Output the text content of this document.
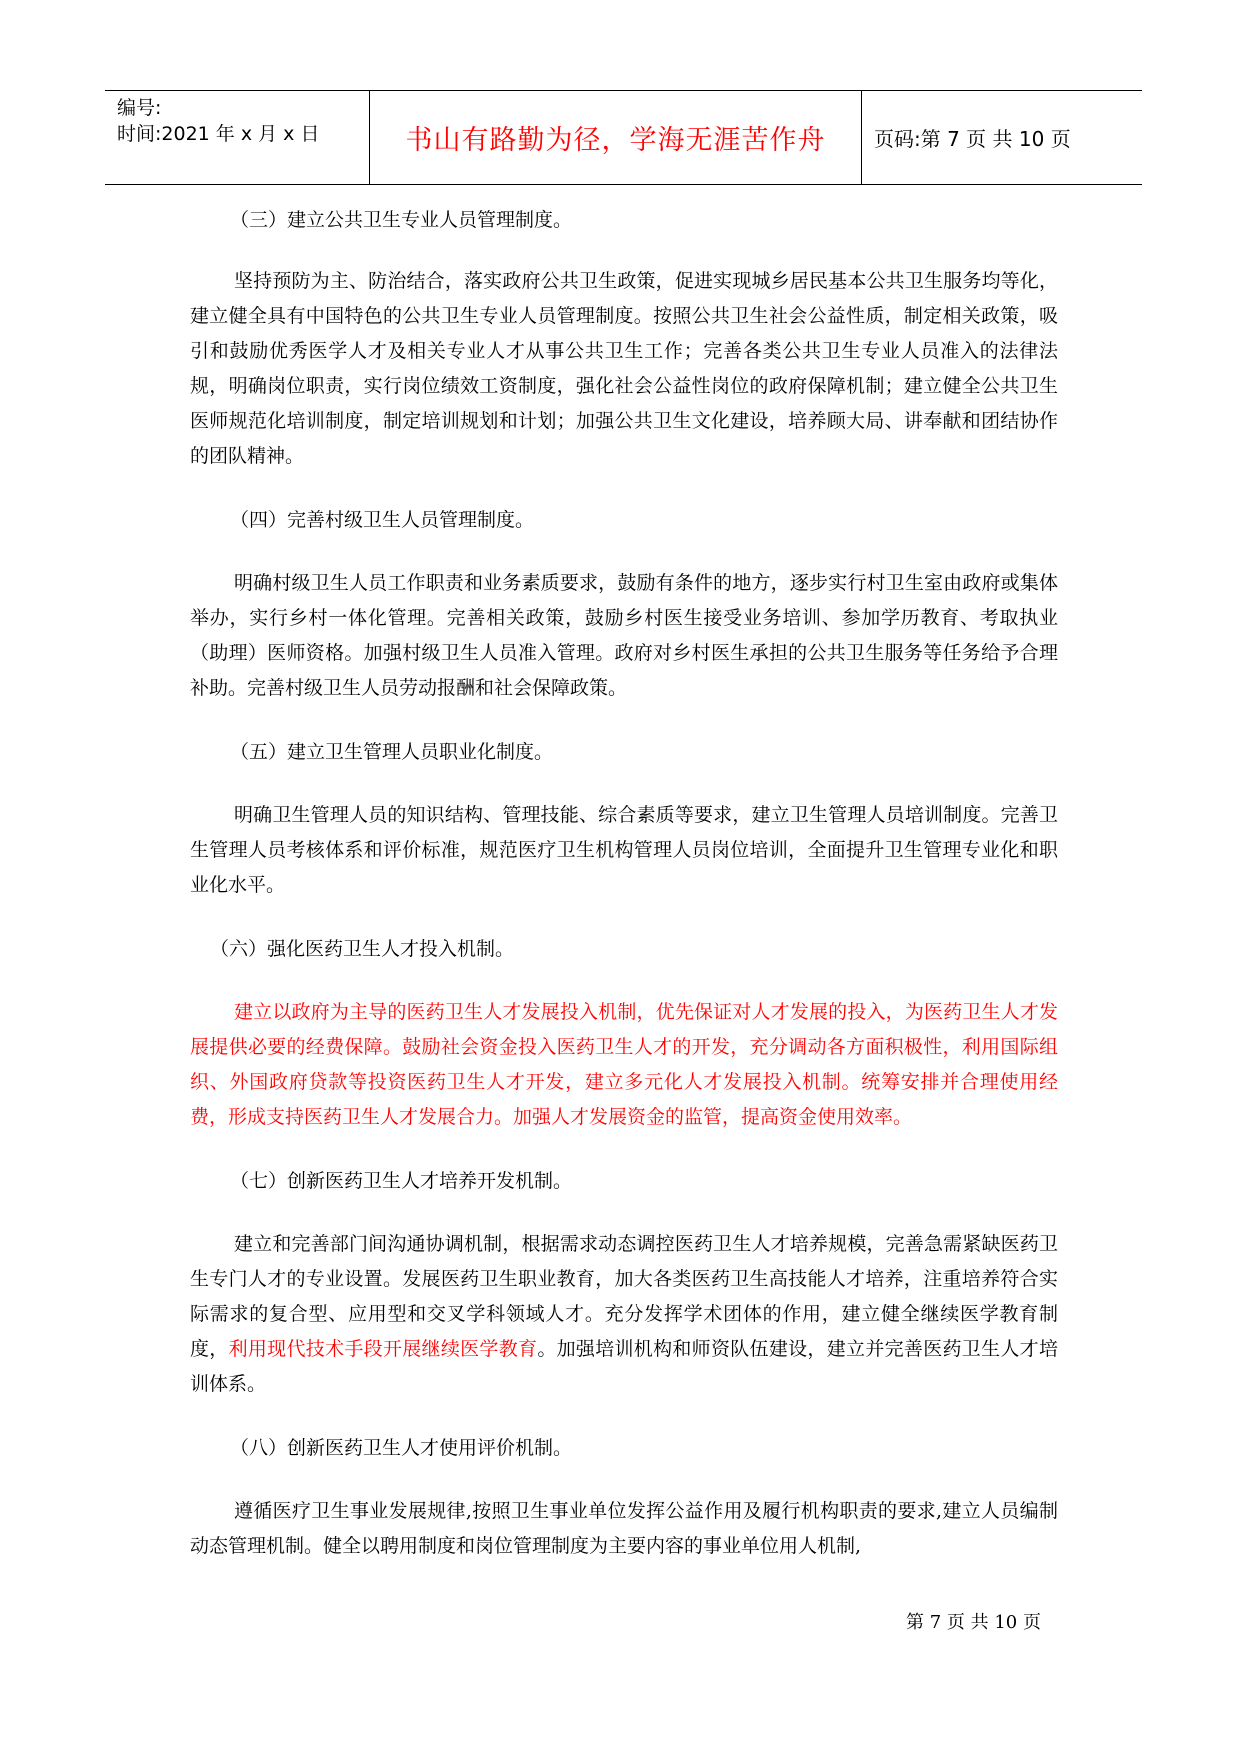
编号:
时间:2021 年 x 月 x 日	书山有路勤为径，学海无涯苦作舟 页码:第 7 页 共 10 页

（三）建立公共卫生专业人员管理制度。

坚持预防为主、防治结合，落实政府公共卫生政策，促进实现城乡居民基本公共卫生服务均等化，建立健全具有中国特色的公共卫生专业人员管理制度。按照公共卫生社会公益性质，制定相关政策，吸引和鼓励优秀医学人才及相关专业人才从事公共卫生工作；完善各类公共卫生专业人员准入的法律法规，明确岗位职责，实行岗位绩效工资制度，强化社会公益性岗位的政府保障机制；建立健全公共卫生医师规范化培训制度，制定培训规划和计划；加强公共卫生文化建设，培养顾大局、讲奉献和团结协作的团队精神。

（四）完善村级卫生人员管理制度。

明确村级卫生人员工作职责和业务素质要求，鼓励有条件的地方，逐步实行村卫生室由政府或集体举办，实行乡村一体化管理。完善相关政策，鼓励乡村医生接受业务培训、参加学历教育、考取执业（助理）医师资格。加强村级卫生人员准入管理。政府对乡村医生承担的公共卫生服务等任务给予合理补助。完善村级卫生人员劳动报酬和社会保障政策。

（五）建立卫生管理人员职业化制度。

明确卫生管理人员的知识结构、管理技能、综合素质等要求，建立卫生管理人员培训制度。完善卫生管理人员考核体系和评价标准，规范医疗卫生机构管理人员岗位培训，全面提升卫生管理专业化和职业化水平。

（六）强化医药卫生人才投入机制。

建立以政府为主导的医药卫生人才发展投入机制，优先保证对人才发展的投入，为医药卫生人才发展提供必要的经费保障。鼓励社会资金投入医药卫生人才的开发，充分调动各方面积极性，利用国际组织、外国政府贷款等投资医药卫生人才开发，建立多元化人才发展投入机制。统筹安排并合理使用经费，形成支持医药卫生人才发展合力。加强人才发展资金的监管，提高资金使用效率。

（七）创新医药卫生人才培养开发机制。

建立和完善部门间沟通协调机制，根据需求动态调控医药卫生人才培养规模，完善急需紧缺医药卫生专门人才的专业设置。发展医药卫生职业教育，加大各类医药卫生高技能人才培养，注重培养符合实际需求的复合型、应用型和交叉学科领域人才。充分发挥学术团体的作用，建立健全继续医学教育制度，利用现代技术手段开展继续医学教育。加强培训机构和师资队伍建设，建立并完善医药卫生人才培训体系。

（八）创新医药卫生人才使用评价机制。

遵循医疗卫生事业发展规律,按照卫生事业单位发挥公益作用及履行机构职责的要求,建立人员编制动态管理机制。健全以聘用制度和岗位管理制度为主要内容的事业单位用人机制,

第 7 页 共 10 页
